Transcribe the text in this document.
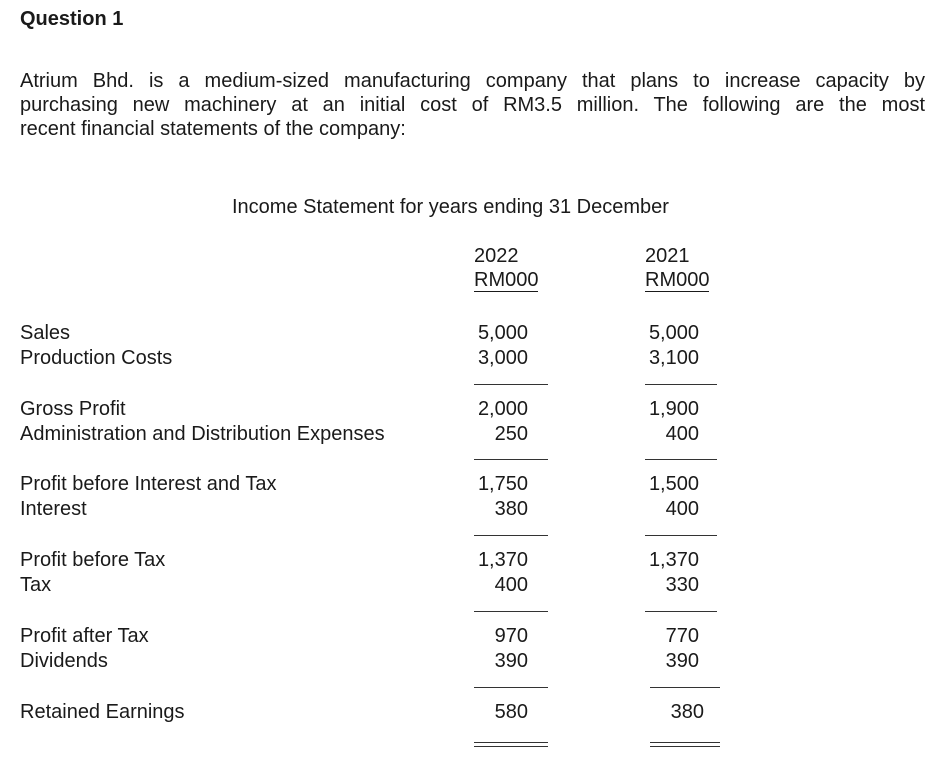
Question 1
Atrium Bhd. is a medium-sized manufacturing company that plans to increase capacity by
purchasing new machinery at an initial cost of RM3.5 million. The following are the most
recent financial statements of the company:
Income Statement for years ending 31 December
2022
RM000
2021
RM000
Sales	5,000	5,000
Production Costs	3,000	3,100
Gross Profit	2,000	1,900
Administration and Distribution Expenses	250	400
Profit before Interest and Tax	1,750	1,500
Interest	380	400
Profit before Tax	1,370	1,370
Tax	400	330
Profit after Tax	970	770
Dividends	390	390
Retained Earnings	580	380
